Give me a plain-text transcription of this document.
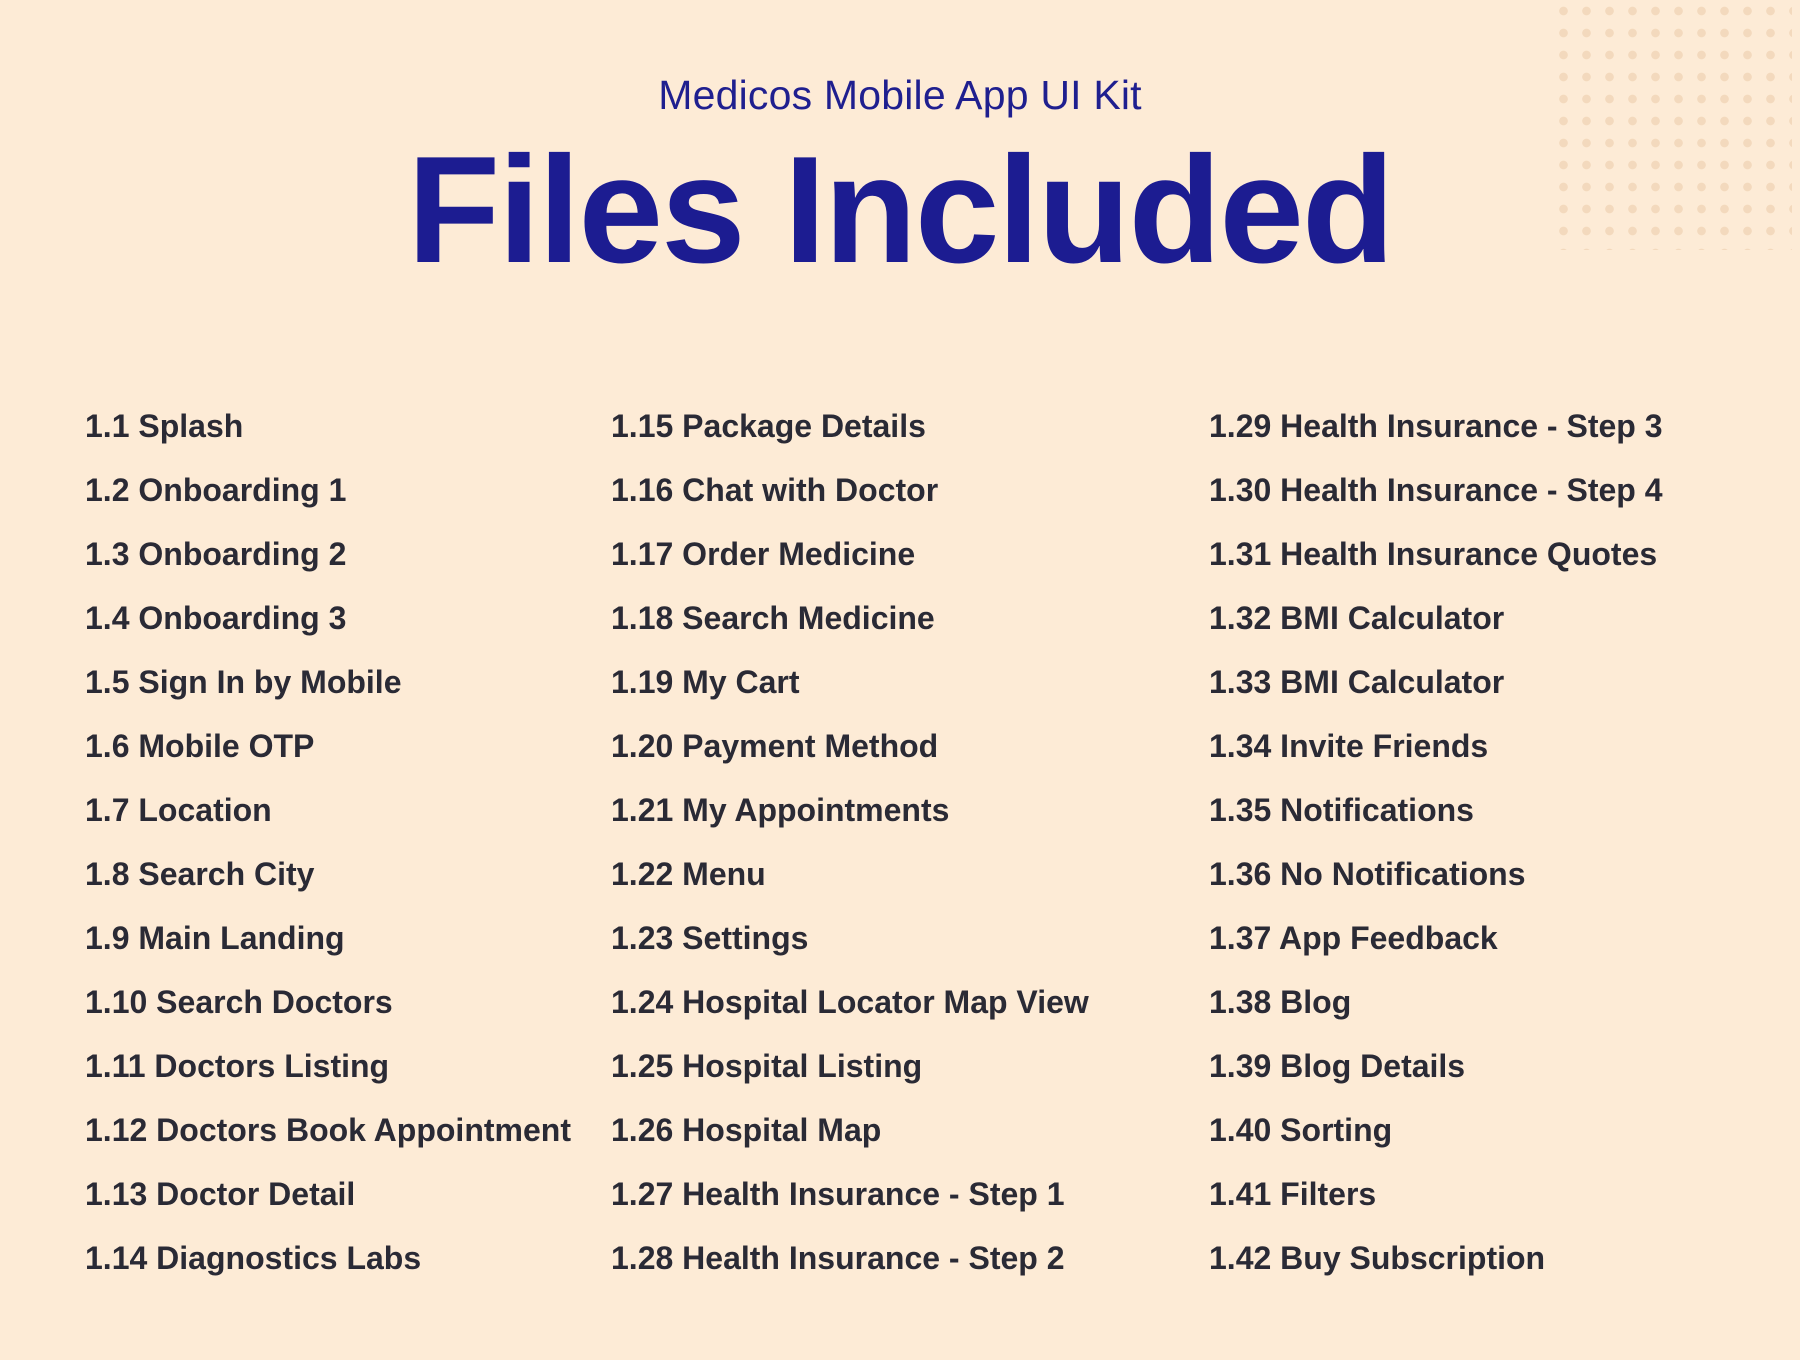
Medicos Mobile App UI Kit
Files Included
1.1 Splash
1.2 Onboarding 1
1.3 Onboarding 2
1.4 Onboarding 3
1.5 Sign In by Mobile
1.6 Mobile OTP
1.7 Location
1.8 Search City
1.9 Main Landing
1.10 Search Doctors
1.11 Doctors Listing
1.12 Doctors Book Appointment
1.13 Doctor Detail
1.14 Diagnostics Labs
1.15 Package Details
1.16 Chat with Doctor
1.17 Order Medicine
1.18 Search Medicine
1.19 My Cart
1.20 Payment Method
1.21 My Appointments
1.22 Menu
1.23 Settings
1.24 Hospital Locator Map View
1.25 Hospital Listing
1.26 Hospital Map
1.27 Health Insurance - Step 1
1.28 Health Insurance - Step 2
1.29 Health Insurance - Step 3
1.30 Health Insurance - Step 4
1.31 Health Insurance Quotes
1.32 BMI Calculator
1.33 BMI Calculator
1.34 Invite Friends
1.35 Notifications
1.36 No Notifications
1.37 App Feedback
1.38 Blog
1.39 Blog Details
1.40 Sorting
1.41 Filters
1.42 Buy Subscription
